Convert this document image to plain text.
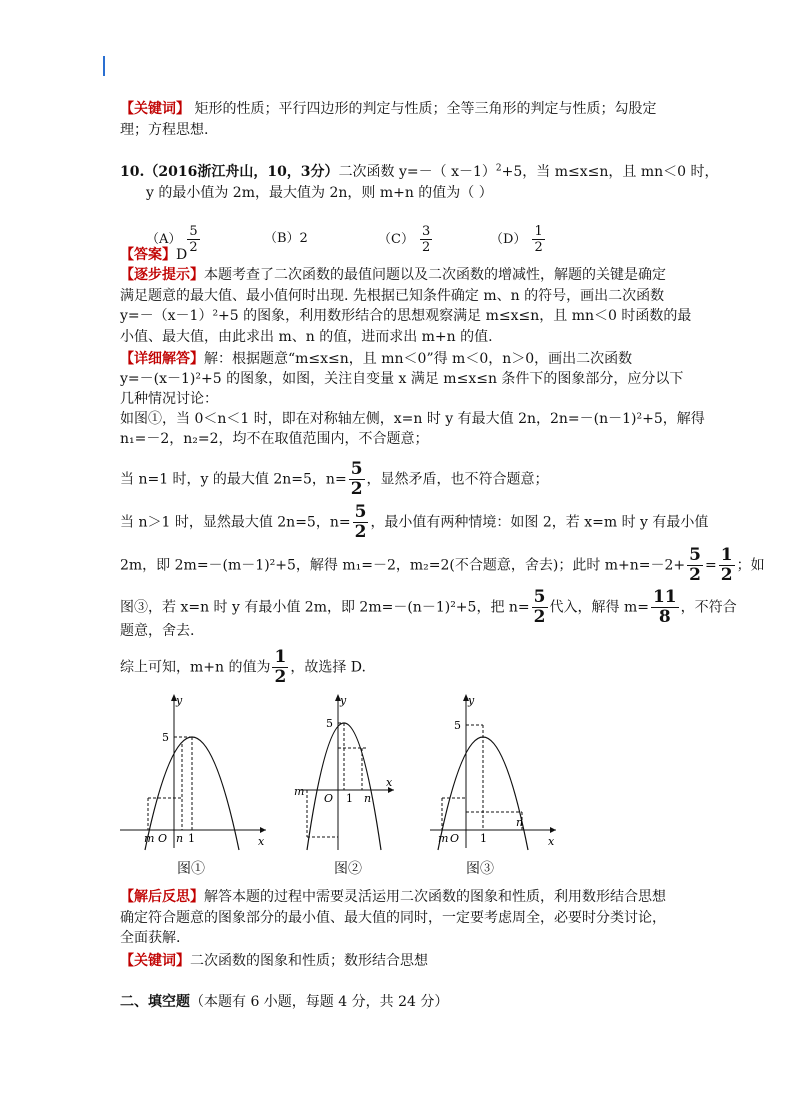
【关键词】 矩形的性质；平行四边形的判定与性质；全等三角形的判定与性质；勾股定
理；方程思想.
10.（2016浙江舟山，10，3分）二次函数 y=－（ x－1）$^2$+5，当 m≤x≤n，且 mn＜0 时，
y 的最小值为 2m，最大值为 2n，则 m+n 的值为（ ）
$(A) \frac{5}{2}$	（B）2	$(C) \frac{3}{2}$	$(D) \frac{1}{2}$
【答案】D
【逐步提示】本题考查了二次函数的最值问题以及二次函数的增减性，解题的关键是确定
满足题意的最大值、最小值何时出现. 先根据已知条件确定 m、n 的符号，画出二次函数
y=－（x－1）²+5 的图象，利用数形结合的思想观察满足 m≤x≤n，且 mn＜0 时函数的最
小值、最大值，由此求出 m、n 的值，进而求出 m+n 的值.
【详细解答】解：根据题意“m≤x≤n，且 mn＜0”得 m＜0，n＞0，画出二次函数
y=－(x－1)²+5 的图象，如图，关注自变量 x 满足 m≤x≤n 条件下的图象部分，应分以下
几种情况讨论：
如图①，当 0＜n＜1 时，即在对称轴左侧，x=n 时 y 有最大值 2n，2n=－(n－1)²+5，解得
n₁=－2，n₂=2，均不在取值范围内，不合题意；
当 n=1 时，y 的最大值 2n=5，$n= \frac{5}{2}$ ，显然矛盾，也不符合题意；
当 n＞1 时，显然最大值 2n=5，$n= \frac{5}{2}$ ，最小值有两种情境：如图 2，若 x=m 时 y 有最小值
2m，即 2m=－(m－1)²+5，解得 m₁=－2，m₂=2(不合题意，舍去)；此时 $m+n=-2+ \frac{5}{2} = \frac{1}{2}$ ；如
图③，若 x=n 时 y 有最小值 2m，即 2m=－(n－1)²+5，把 $n= \frac{5}{2}$ 代入，解得 $m= \frac{11}{8}$ ，不符合
题意，舍去.
综上可知，m+n 的值为 $\frac{1}{2}$ ，故选择 D.
y
5
x
m O n 1
图①
y
5
x
m
O 1 n
图②
y
5
x
m O 1
n
图③
【解后反思】解答本题的过程中需要灵活运用二次函数的图象和性质，利用数形结合思想
确定符合题意的图象部分的最小值、最大值的同时，一定要考虑周全，必要时分类讨论，
全面获解.
【关键词】二次函数的图象和性质；数形结合思想
二、填空题（本题有 6 小题，每题 4 分，共 24 分）
